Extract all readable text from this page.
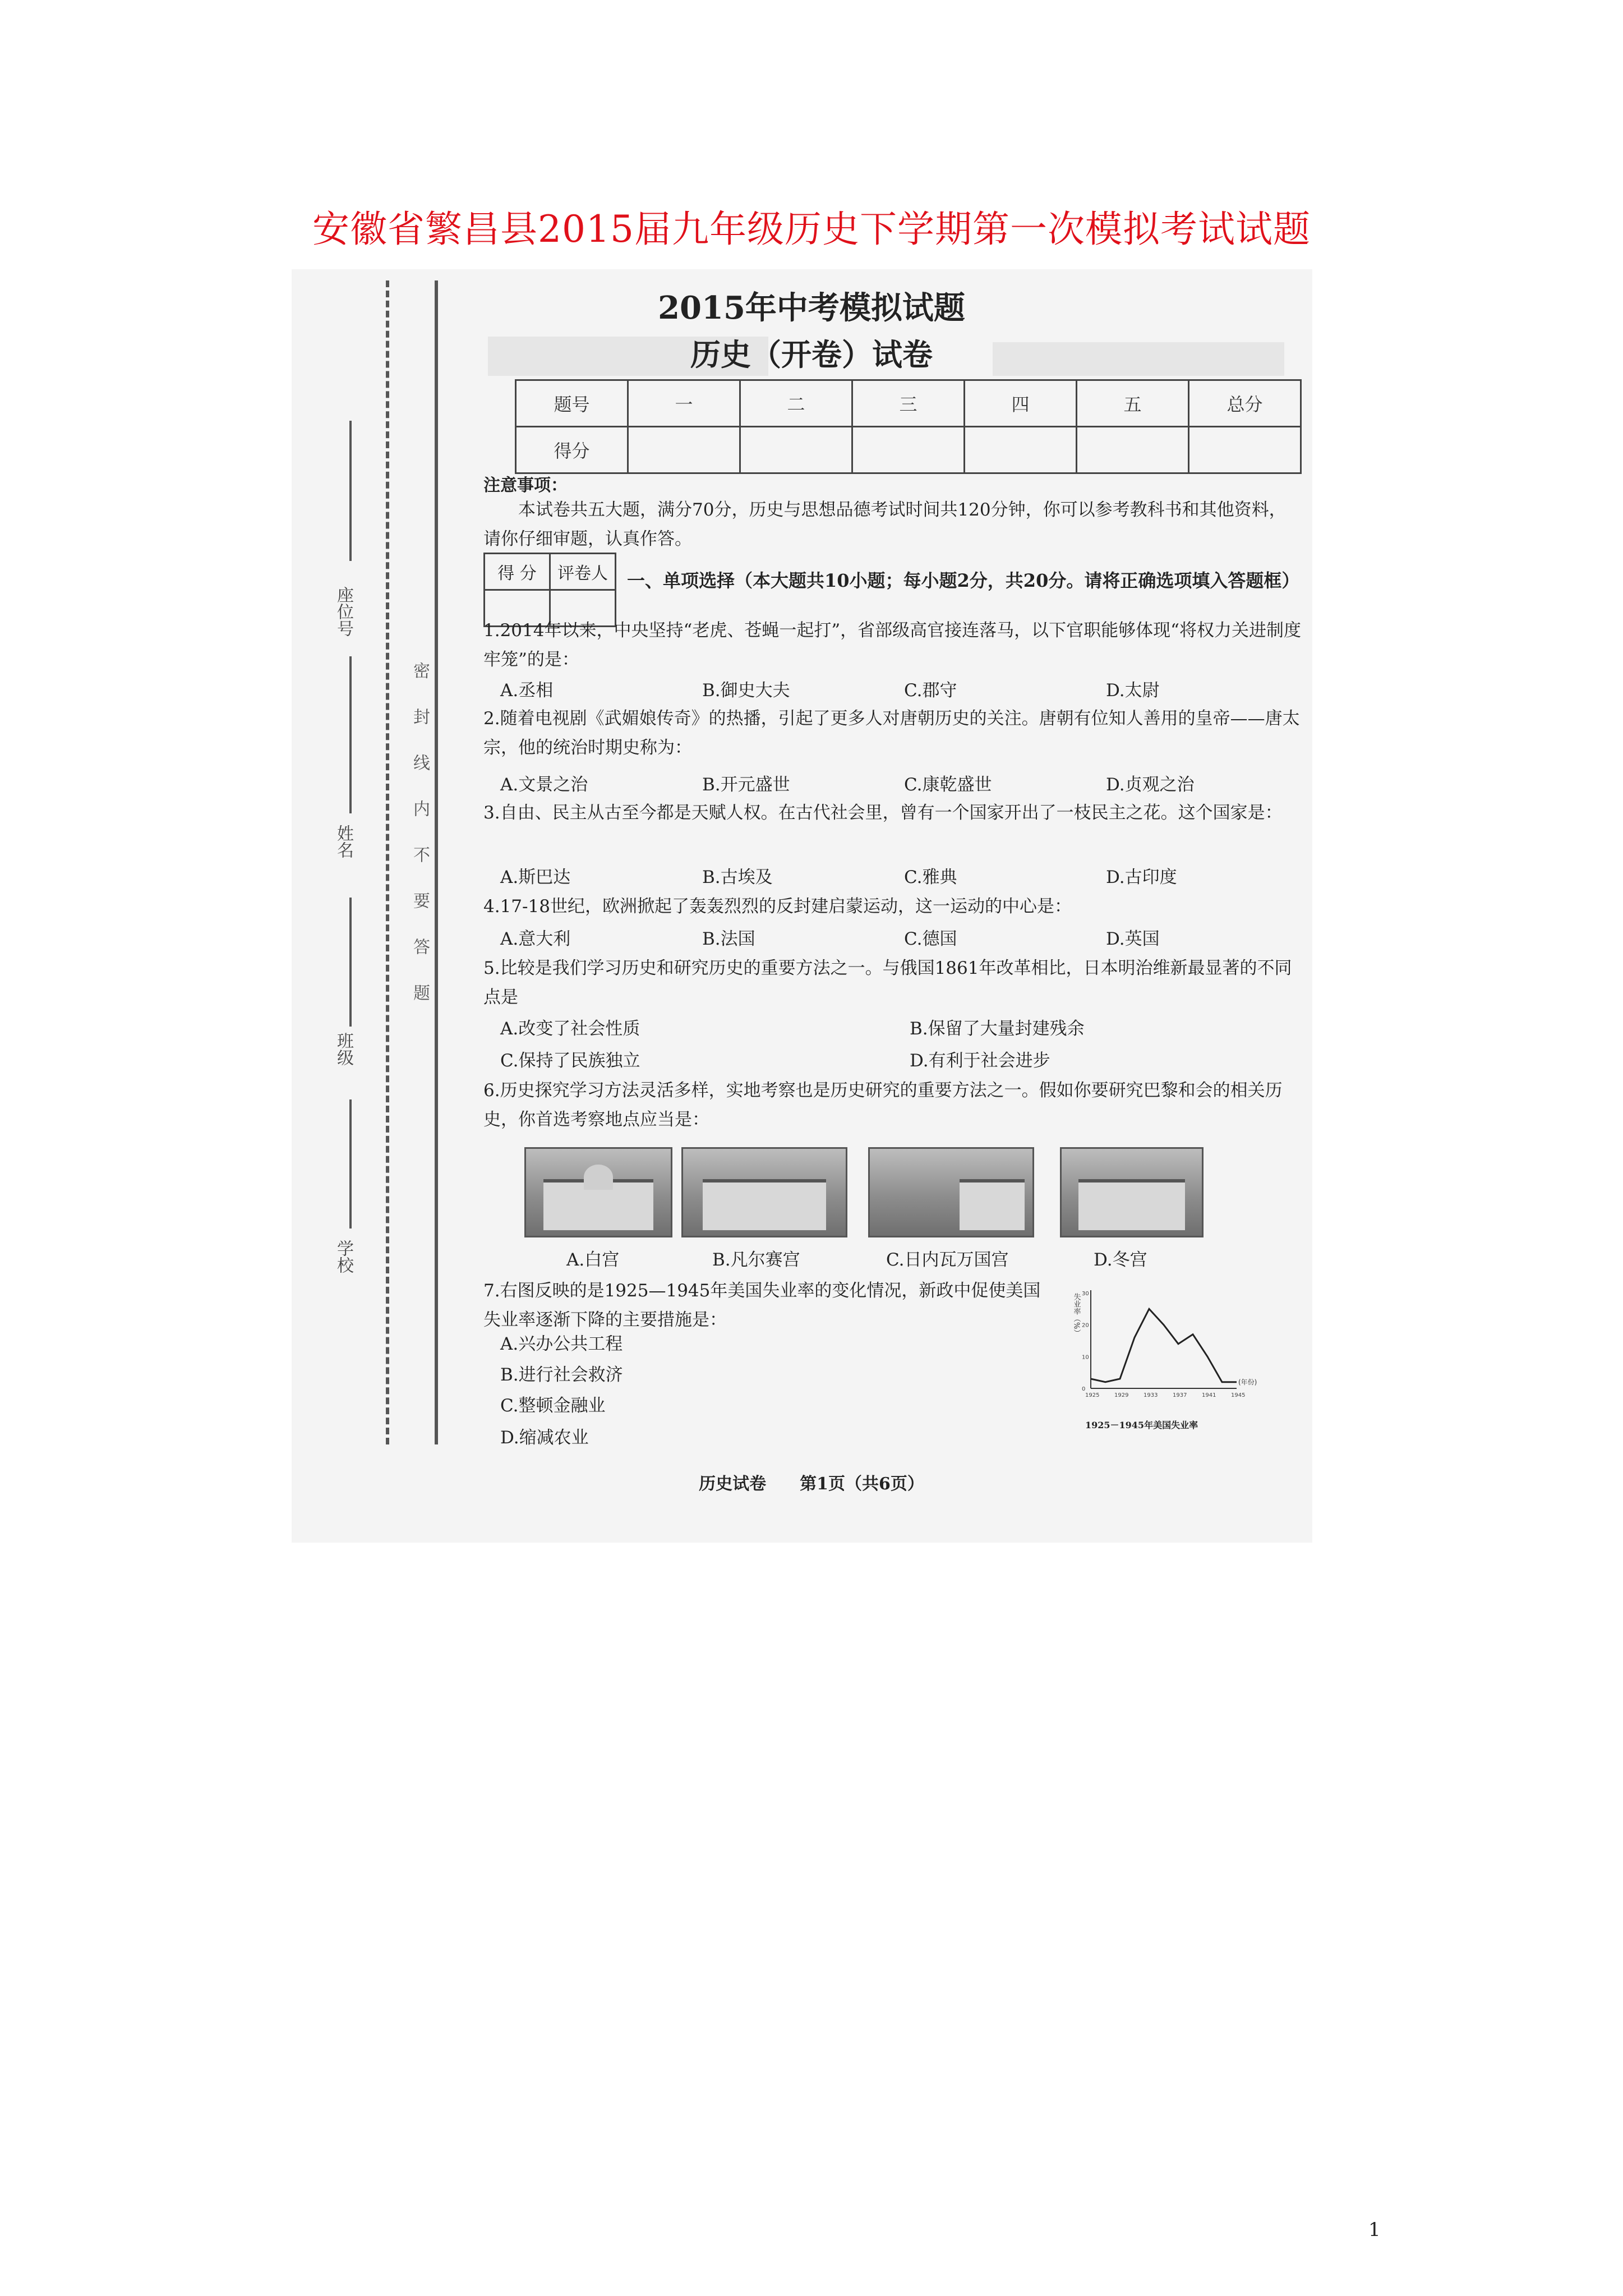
安徽省繁昌县2015届九年级历史下学期第一次模拟考试试题
座位号
姓名
班级
学校
密封线内不要答题
2015年中考模拟试题
历史（开卷）试卷
题号	一	二	三	四	五	总分
得分						
注意事项：
本试卷共五大题，满分70分，历史与思想品德考试时间共120分钟，你可以参考教科书和其他资料，请你仔细审题，认真作答。
得 分	评卷人
	一、单项选择（本大题共10小题；每小题2分，共20分。请将正确选项填入答题框）
1.2014年以来，中央坚持“老虎、苍蝇一起打”，省部级高官接连落马，以下官职能够体现“将权力关进制度牢笼”的是：
A.丞相	B.御史大夫	C.郡守	D.太尉
2.随着电视剧《武媚娘传奇》的热播，引起了更多人对唐朝历史的关注。唐朝有位知人善用的皇帝——唐太宗，他的统治时期史称为：
A.文景之治	B.开元盛世	C.康乾盛世	D.贞观之治
3.自由、民主从古至今都是天赋人权。在古代社会里，曾有一个国家开出了一枝民主之花。这个国家是：
A.斯巴达	B.古埃及	C.雅典	D.古印度
4.17-18世纪，欧洲掀起了轰轰烈烈的反封建启蒙运动，这一运动的中心是：
A.意大利	B.法国	C.德国	D.英国
5.比较是我们学习历史和研究历史的重要方法之一。与俄国1861年改革相比，日本明治维新最显著的不同点是
A.改变了社会性质	B.保留了大量封建残余
C.保持了民族独立	D.有利于社会进步
6.历史探究学习方法灵活多样，实地考察也是历史研究的重要方法之一。假如你要研究巴黎和会的相关历史，你首选考察地点应当是：
A.白宫	B.凡尔赛宫	C.日内瓦万国宫	D.冬宫
7.右图反映的是1925—1945年美国失业率的变化情况，新政中促使美国失业率逐渐下降的主要措施是：
A.兴办公共工程
B.进行社会救济
C.整顿金融业
D.缩减农业
失业率（%）
(年份)
1925	1929	1933	1937	1941	1945
0
10
20
30
1925－1945年美国失业率
历史试卷　　第1页（共6页）
1
